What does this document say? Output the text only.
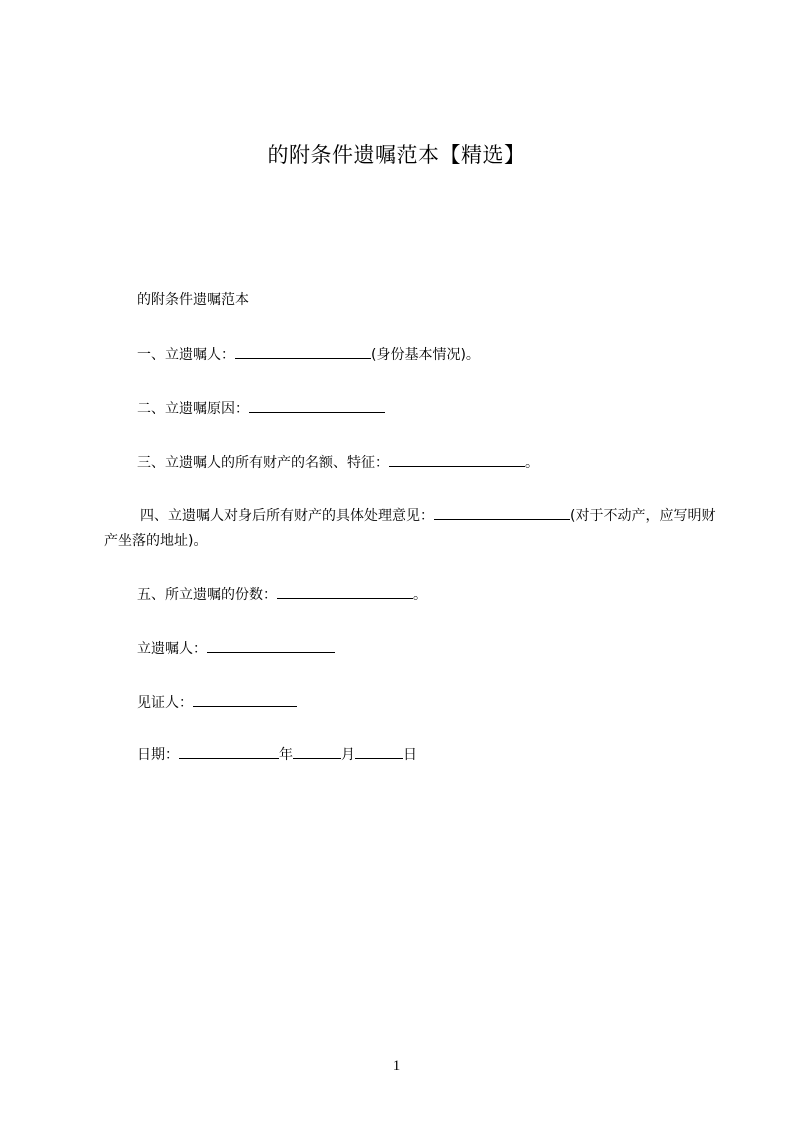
的附条件遗嘱范本【精选】
的附条件遗嘱范本
一、立遗嘱人：	(身份基本情况)。
二、立遗嘱原因：
三、立遗嘱人的所有财产的名额、特征：	。
四、立遗嘱人对身后所有财产的具体处理意见：	(对于不动产，应写明财产坐落的地址)。
五、所立遗嘱的份数：	。
立遗嘱人：
见证人：
日期：	年	月	日
1
